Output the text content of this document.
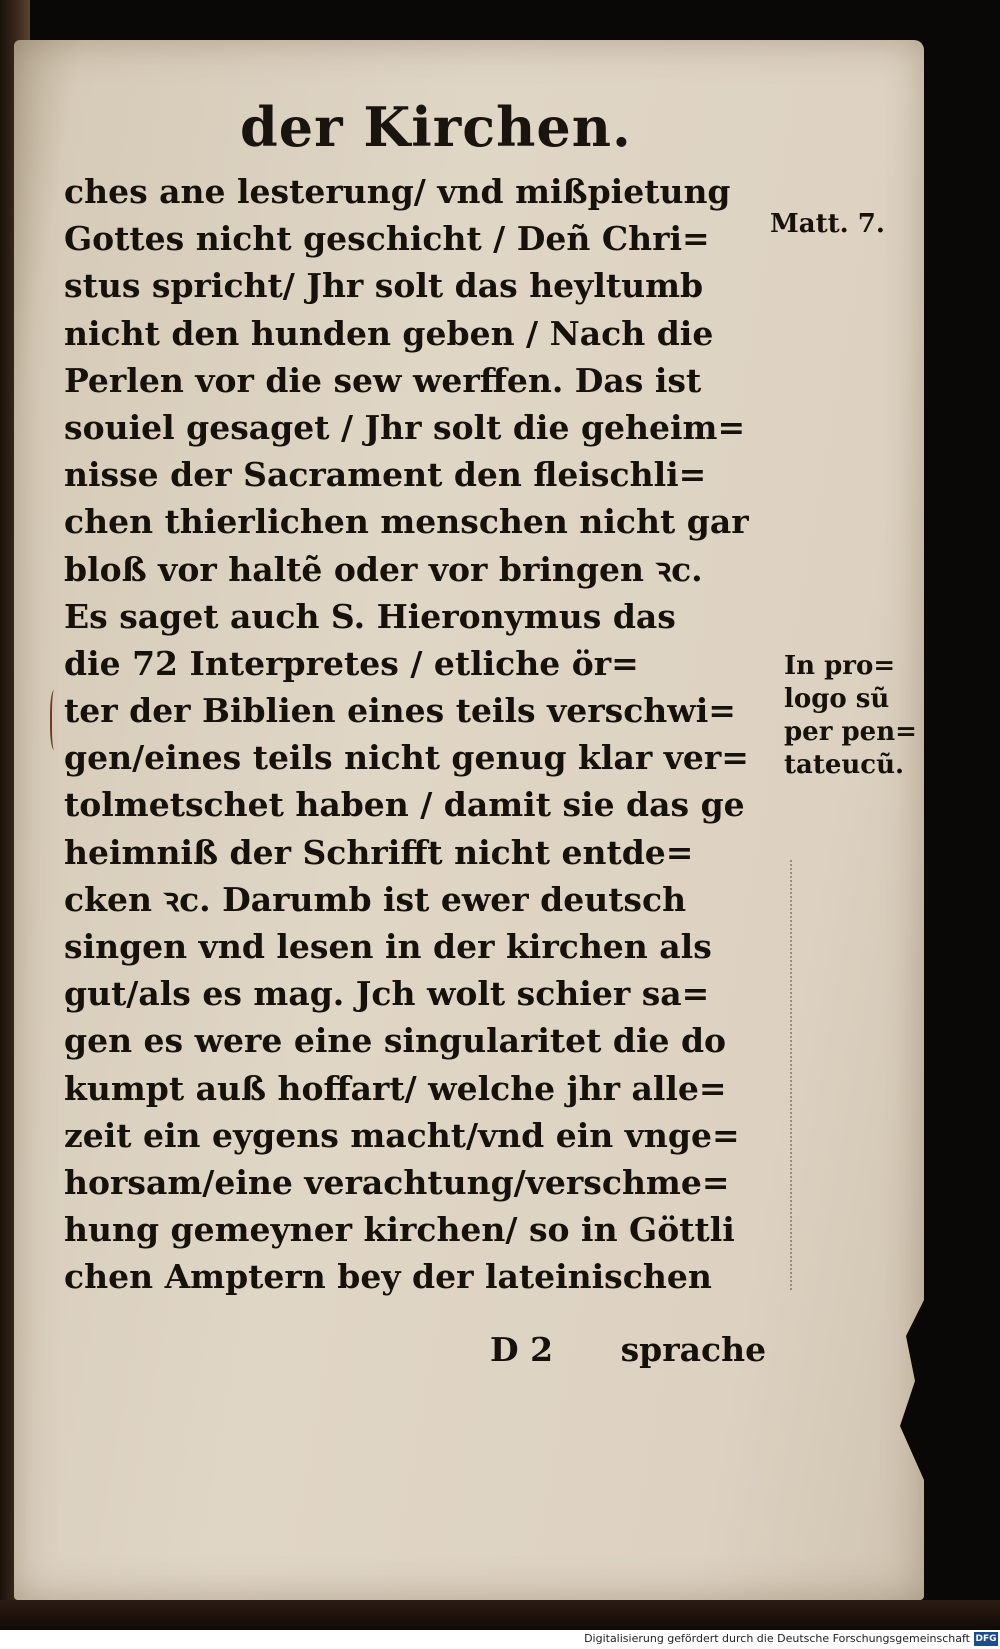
der Kirchen.
ches ane lesterung/ vnd mißpietung
Gottes nicht geschicht / Deñ Chri=
stus spricht/ Jhr solt das heyltumb
nicht den hunden geben / Nach die
Perlen vor die sew werffen. Das ist
souiel gesaget / Jhr solt die geheim=
nisse der Sacrament den fleischli=
chen thierlichen menschen nicht gar
bloß vor haltẽ oder vor bringen ꝛc.
Es saget auch S. Hieronymus das
die 72 Interpretes / etliche ör=
ter der Biblien eines teils verschwi=
gen/eines teils nicht genug klar ver=
tolmetschet haben / damit sie das ge
heimniß der Schrifft nicht entde=
cken ꝛc. Darumb ist ewer deutsch
singen vnd lesen in der kirchen als
gut/als es mag. Jch wolt schier sa=
gen es were eine singularitet die do
kumpt auß hoffart/ welche jhr alle=
zeit ein eygens macht/vnd ein vnge=
horsam/eine verachtung/verschme=
hung gemeyner kirchen/ so in Göttli
chen Amptern bey der lateinischen
Matt. 7.
In pro=
logo sũ
per pen=
tateucũ.
D 2 sprache
Digitalisierung gefördert durch die Deutsche Forschungsgemeinschaft DFG
